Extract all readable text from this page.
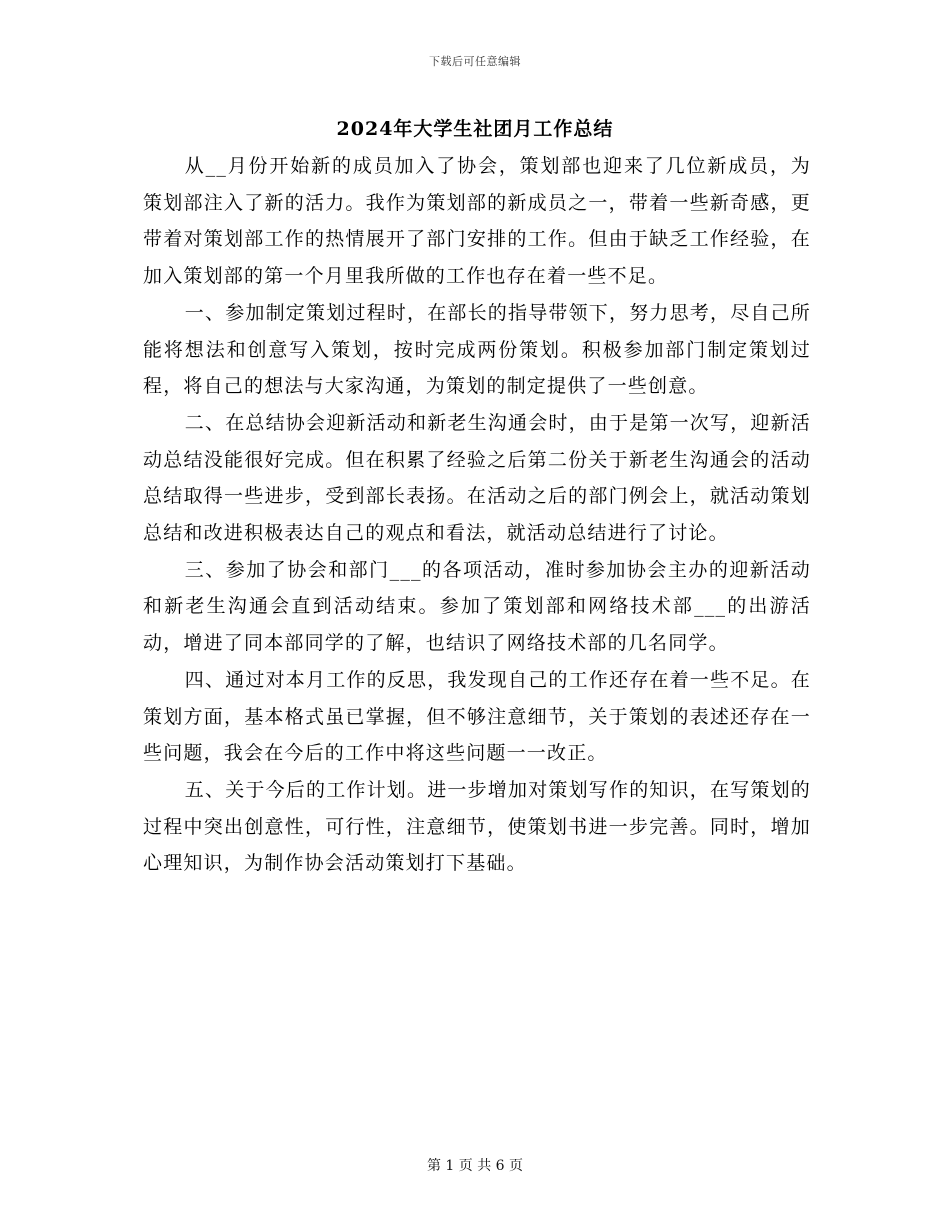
下载后可任意编辑
2024年大学生社团月工作总结

从__月份开始新的成员加入了协会，策划部也迎来了几位新成员，为策划部注入了新的活力。我作为策划部的新成员之一，带着一些新奇感，更带着对策划部工作的热情展开了部门安排的工作。但由于缺乏工作经验，在加入策划部的第一个月里我所做的工作也存在着一些不足。

一、参加制定策划过程时，在部长的指导带领下，努力思考，尽自己所能将想法和创意写入策划，按时完成两份策划。积极参加部门制定策划过程，将自己的想法与大家沟通，为策划的制定提供了一些创意。

二、在总结协会迎新活动和新老生沟通会时，由于是第一次写，迎新活动总结没能很好完成。但在积累了经验之后第二份关于新老生沟通会的活动总结取得一些进步，受到部长表扬。在活动之后的部门例会上，就活动策划总结和改进积极表达自己的观点和看法，就活动总结进行了讨论。

三、参加了协会和部门___的各项活动，准时参加协会主办的迎新活动和新老生沟通会直到活动结束。参加了策划部和网络技术部___的出游活动，增进了同本部同学的了解，也结识了网络技术部的几名同学。

四、通过对本月工作的反思，我发现自己的工作还存在着一些不足。在策划方面，基本格式虽已掌握，但不够注意细节，关于策划的表述还存在一些问题，我会在今后的工作中将这些问题一一改正。

五、关于今后的工作计划。进一步增加对策划写作的知识，在写策划的过程中突出创意性，可行性，注意细节，使策划书进一步完善。同时，增加心理知识，为制作协会活动策划打下基础。

第 1 页 共 6 页
